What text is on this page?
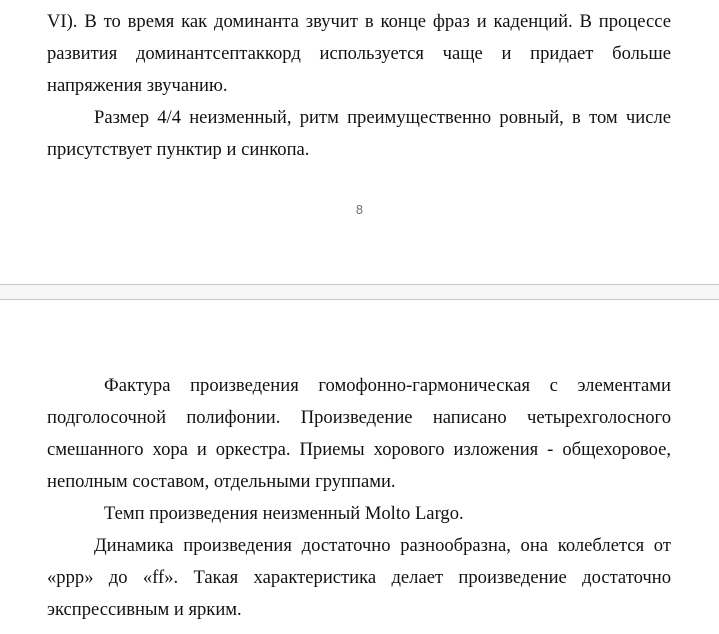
VI). В то время как доминанта звучит в конце фраз и каденций. В процессе
развития доминантсептаккорд используется чаще и придает больше
напряжения звучанию.
Размер 4/4 неизменный, ритм преимущественно ровный, в том числе
присутствует пунктир и синкопа.
8
Фактура произведения гомофонно-гармоническая с элементами
подголосочной полифонии. Произведение написано четырехголосного
смешанного хора и оркестра. Приемы хорового изложения - общехоровое,
неполным составом, отдельными группами.
Темп произведения неизменный Molto Largo.
Динамика произведения достаточно разнообразна, она колеблется от
«ppp» до «ff». Такая характеристика делает произведение достаточно
экспрессивным и ярким.
